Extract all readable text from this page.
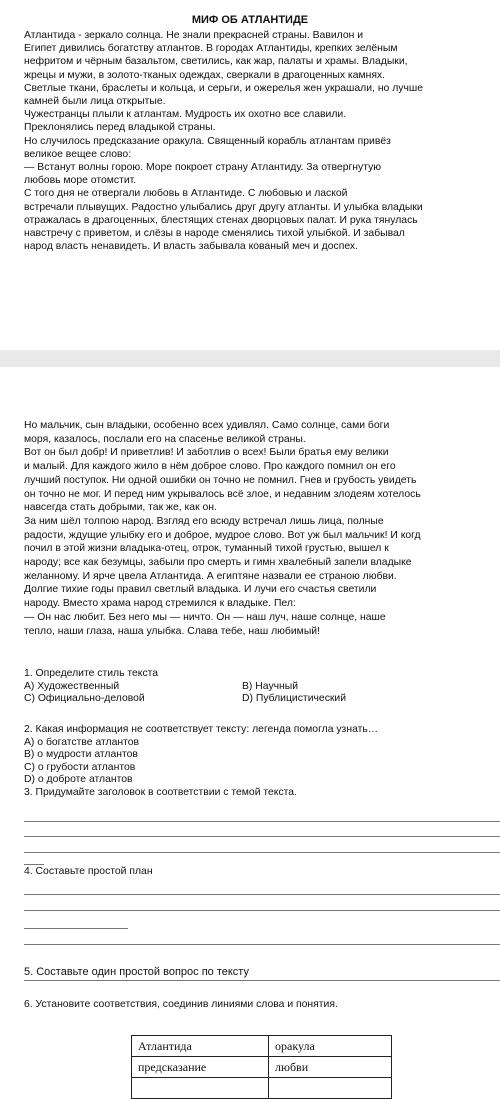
МИФ ОБ АТЛАНТИДЕ
Атлантида - зеркало солнца. Не знали прекрасней страны. Вавилон и
Египет дивились богатству атлантов. В городах Атлантиды, крепких зелёным
нефритом и чёрным базальтом, светились, как жар, палаты и храмы. Владыки,
жрецы и мужи, в золото-тканых одеждах, сверкали в драгоценных камнях.
Светлые ткани, браслеты и кольца, и серьги, и ожерелья жен украшали, но лучше
камней были лица открытые.
Чужестранцы плыли к атлантам. Мудрость их охотно все славили.
Преклонялись перед владыкой страны.
Но случилось предсказание оракула. Священный корабль атлантам привёз
великое вещее слово:
— Встанут волны горою. Море покроет страну Атлантиду. За отвергнутую
любовь море отомстит.
С того дня не отвергали любовь в Атлантиде. С любовью и лаской
встречали плывущих. Радостно улыбались друг другу атланты. И улыбка владыки
отражалась в драгоценных, блестящих стенах дворцовых палат. И рука тянулась
навстречу с приветом, и слёзы в народе сменялись тихой улыбкой. И забывал
народ власть ненавидеть. И власть забывала кованый меч и доспех.
Но мальчик, сын владыки, особенно всех удивлял. Само солнце, сами боги
моря, казалось, послали его на спасенье великой страны.
Вот он был добр! И приветлив! И заботлив о всех! Были братья ему велики
и малый. Для каждого жило в нём доброе слово. Про каждого помнил он его
лучший поступок. Ни одной ошибки он точно не помнил. Гнев и грубость увидеть
он точно не мог. И перед ним укрывалось всё злое, и недавним злодеям хотелось
навсегда стать добрыми, так же, как он.
За ним шёл толпою народ. Взгляд его всюду встречал лишь лица, полные
радости, ждущие улыбку его и доброе, мудрое слово. Вот уж был мальчик! И когд
почил в этой жизни владыка-отец, отрок, туманный тихой грустью, вышел к
народу; все как безумцы, забыли про смерть и гимн хвалебный запели владыке
желанному. И ярче цвела Атлантида. А египтяне назвали ее страною любви.
Долгие тихие годы правил светлый владыка. И лучи его счастья светили
народу. Вместо храма народ стремился к владыке. Пел:
— Он нас любит. Без него мы — ничто. Он — наш луч, наше солнце, наше
тепло, наши глаза, наша улыбка. Слава тебе, наш любимый!
1. Определите стиль текста
А) Художественный	В) Научный
С) Официально-деловой	D) Публицистический
2. Какая информация не соответствует тексту: легенда помогла узнать…
А) о богатстве атлантов
В) о мудрости атлантов
С) о грубости атлантов
D) о доброте атлантов
3. Придумайте заголовок в соответствии с темой текста.
4. Составьте простой план
5. Составьте один простой вопрос по тексту
6. Установите соответствия, соединив линиями слова и понятия.
Атлантида	оракула
предсказание	любви
